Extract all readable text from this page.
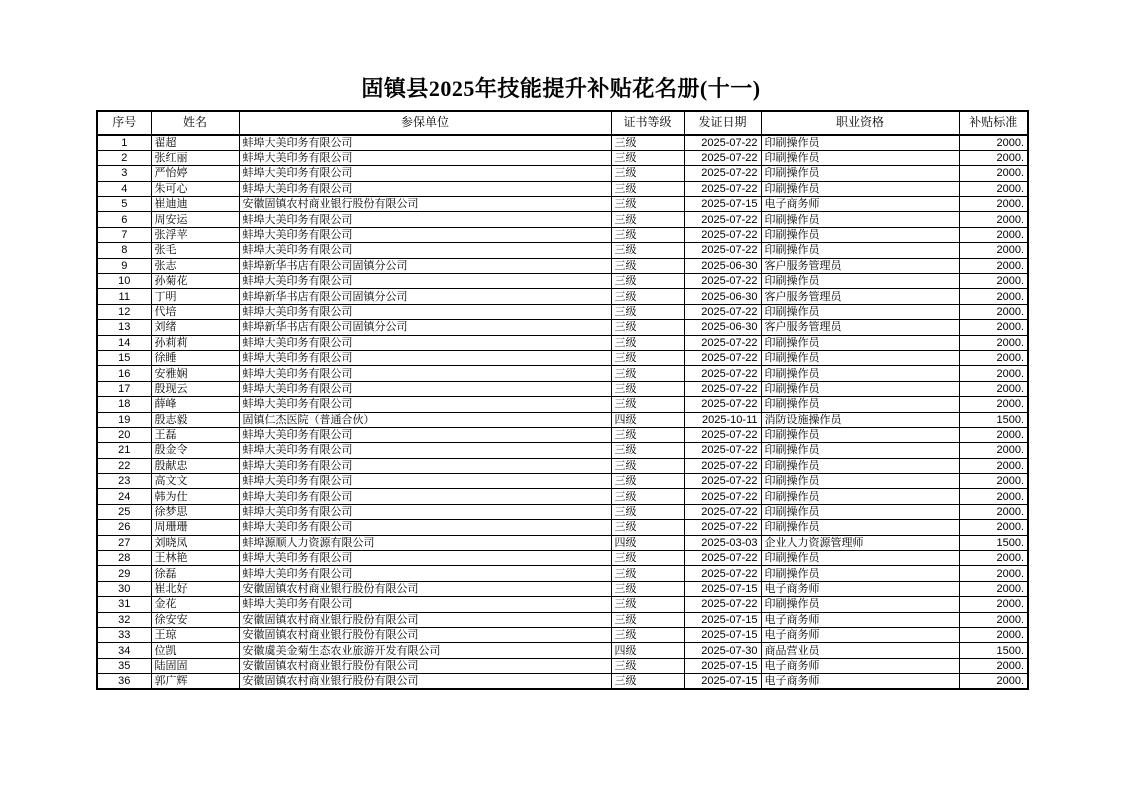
固镇县2025年技能提升补贴花名册(十一)
序号	姓名	参保单位	证书等级	发证日期	职业资格	补贴标准
1	翟超	蚌埠大美印务有限公司	三级	2025-07-22	印刷操作员	2000.
2	张红丽	蚌埠大美印务有限公司	三级	2025-07-22	印刷操作员	2000.
3	严怡婷	蚌埠大美印务有限公司	三级	2025-07-22	印刷操作员	2000.
4	朱可心	蚌埠大美印务有限公司	三级	2025-07-22	印刷操作员	2000.
5	崔迪迪	安徽固镇农村商业银行股份有限公司	三级	2025-07-15	电子商务师	2000.
6	周安运	蚌埠大美印务有限公司	三级	2025-07-22	印刷操作员	2000.
7	张浮苹	蚌埠大美印务有限公司	三级	2025-07-22	印刷操作员	2000.
8	张毛	蚌埠大美印务有限公司	三级	2025-07-22	印刷操作员	2000.
9	张志	蚌埠新华书店有限公司固镇分公司	三级	2025-06-30	客户服务管理员	2000.
10	孙菊花	蚌埠大美印务有限公司	三级	2025-07-22	印刷操作员	2000.
11	丁明	蚌埠新华书店有限公司固镇分公司	三级	2025-06-30	客户服务管理员	2000.
12	代培	蚌埠大美印务有限公司	三级	2025-07-22	印刷操作员	2000.
13	刘绪	蚌埠新华书店有限公司固镇分公司	三级	2025-06-30	客户服务管理员	2000.
14	孙莉莉	蚌埠大美印务有限公司	三级	2025-07-22	印刷操作员	2000.
15	徐睡	蚌埠大美印务有限公司	三级	2025-07-22	印刷操作员	2000.
16	安雅娴	蚌埠大美印务有限公司	三级	2025-07-22	印刷操作员	2000.
17	殷现云	蚌埠大美印务有限公司	三级	2025-07-22	印刷操作员	2000.
18	薛峰	蚌埠大美印务有限公司	三级	2025-07-22	印刷操作员	2000.
19	殷志毅	固镇仁杰医院（普通合伙）	四级	2025-10-11	消防设施操作员	1500.
20	王磊	蚌埠大美印务有限公司	三级	2025-07-22	印刷操作员	2000.
21	殷金令	蚌埠大美印务有限公司	三级	2025-07-22	印刷操作员	2000.
22	殷献忠	蚌埠大美印务有限公司	三级	2025-07-22	印刷操作员	2000.
23	高文文	蚌埠大美印务有限公司	三级	2025-07-22	印刷操作员	2000.
24	韩为仕	蚌埠大美印务有限公司	三级	2025-07-22	印刷操作员	2000.
25	徐梦思	蚌埠大美印务有限公司	三级	2025-07-22	印刷操作员	2000.
26	周珊珊	蚌埠大美印务有限公司	三级	2025-07-22	印刷操作员	2000.
27	刘晓凤	蚌埠源顺人力资源有限公司	四级	2025-03-03	企业人力资源管理师	1500.
28	王林艳	蚌埠大美印务有限公司	三级	2025-07-22	印刷操作员	2000.
29	徐磊	蚌埠大美印务有限公司	三级	2025-07-22	印刷操作员	2000.
30	崔北好	安徽固镇农村商业银行股份有限公司	三级	2025-07-15	电子商务师	2000.
31	金花	蚌埠大美印务有限公司	三级	2025-07-22	印刷操作员	2000.
32	徐安安	安徽固镇农村商业银行股份有限公司	三级	2025-07-15	电子商务师	2000.
33	王琼	安徽固镇农村商业银行股份有限公司	三级	2025-07-15	电子商务师	2000.
34	位凯	安徽虞美金菊生态农业旅游开发有限公司	四级	2025-07-30	商品营业员	1500.
35	陆固固	安徽固镇农村商业银行股份有限公司	三级	2025-07-15	电子商务师	2000.
36	郭广辉	安徽固镇农村商业银行股份有限公司	三级	2025-07-15	电子商务师	2000.
